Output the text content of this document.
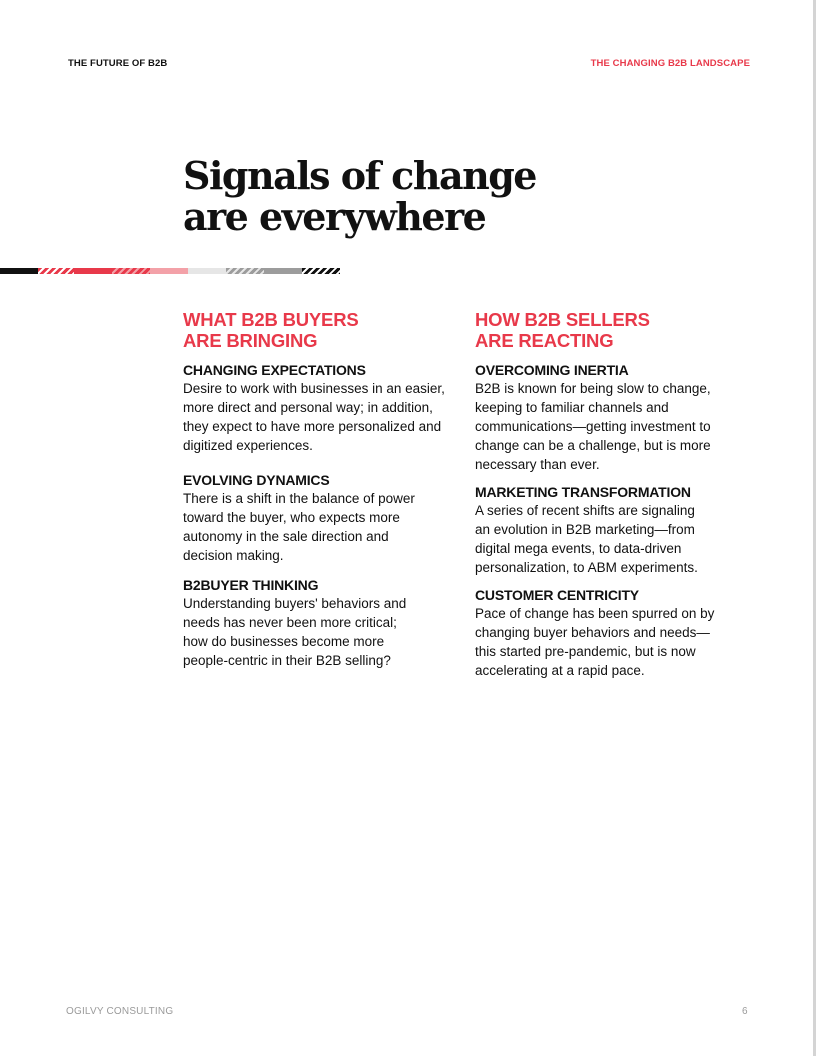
THE FUTURE OF B2B	THE CHANGING B2B LANDSCAPE
Signals of change
are everywhere
WHAT B2B BUYERS
ARE BRINGING
CHANGING EXPECTATIONS
Desire to work with businesses in an easier,
more direct and personal way; in addition,
they expect to have more personalized and
digitized experiences.
EVOLVING DYNAMICS
There is a shift in the balance of power
toward the buyer, who expects more
autonomy in the sale direction and
decision making.
B2BUYER THINKING
Understanding buyers' behaviors and
needs has never been more critical;
how do businesses become more
people-centric in their B2B selling?
HOW B2B SELLERS
ARE REACTING
OVERCOMING INERTIA
B2B is known for being slow to change,
keeping to familiar channels and
communications—getting investment to
change can be a challenge, but is more
necessary than ever.
MARKETING TRANSFORMATION
A series of recent shifts are signaling
an evolution in B2B marketing—from
digital mega events, to data-driven
personalization, to ABM experiments.
CUSTOMER CENTRICITY
Pace of change has been spurred on by
changing buyer behaviors and needs—
this started pre-pandemic, but is now
accelerating at a rapid pace.
OGILVY CONSULTING	6
